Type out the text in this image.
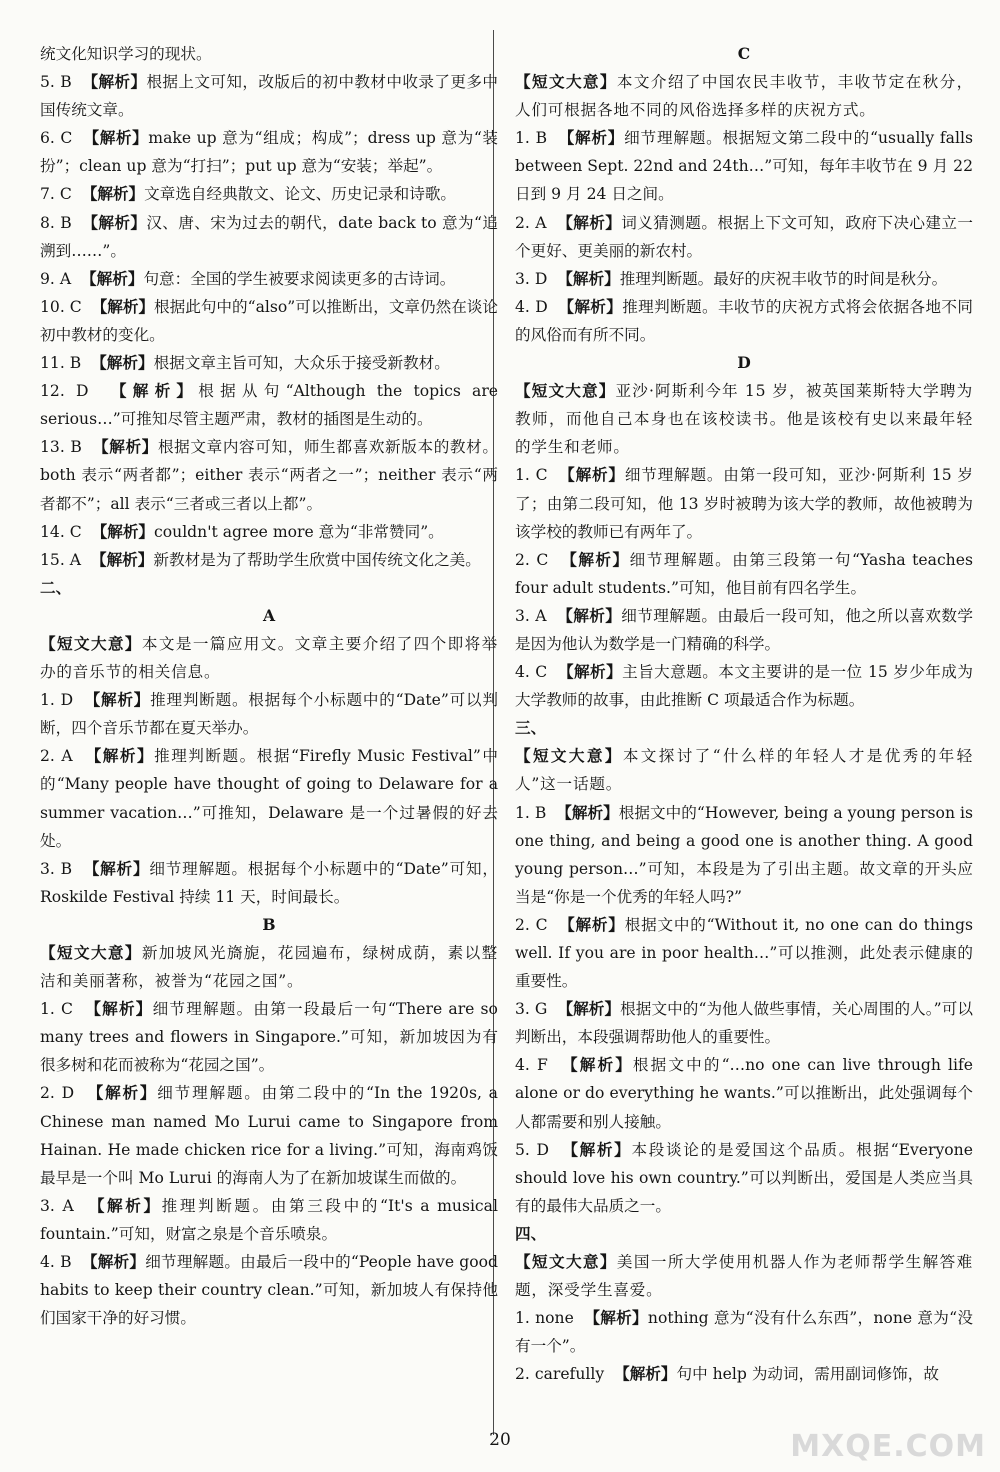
统文化知识学习的现状。

5. B 【 解析 】 根据上文可知，改版后的初中教材中收录了更多中国传统文章。

6. C 【 解析 】 make up 意为“组成；构成”；dress up 意为“装扮”；clean up 意为“打扫”；put up 意为“安装；举起”。

7. C 【 解析 】 文章选自经典散文、论文、历史记录和诗歌。

8. B 【 解析 】 汉、唐、宋为过去的朝代，date back to 意为“追溯到……”。

9. A 【 解析 】 句意：全国的学生被要求阅读更多的古诗词。

10. C 【 解析 】 根据此句中的“also”可以推断出，文章仍然在谈论初中教材的变化。

11. B 【 解析 】 根据文章主旨可知，大众乐于接受新教材。

12. D	【 解析 】 根据从句“Although the topics are serious…”可推知尽管主题严肃，教材的插图是生动的。

13. B 【 解析 】 根据文章内容可知，师生都喜欢新版本的教材。both 表示“两者都”；either 表示“两者之一”；neither 表示“两者都不”；all 表示“三者或三者以上都”。

14. C 【 解析 】 couldn't agree more 意为“非常赞同”。

15. A 【 解析 】 新教材是为了帮助学生欣赏中国传统文化之美。

二、

A

【 短文大意 】 本文是一篇应用文。文章主要介绍了四个即将举办的音乐节的相关信息。

1. D 【 解析 】 推理判断题。根据每个小标题中的“Date”可以判断，四个音乐节都在夏天举办。

2. A 【 解析 】 推理判断题。根据“Firefly Music Festival”中的“Many people have thought of going to Delaware for a summer vacation…”可推知，Delaware 是一个过暑假的好去处。

3. B 【 解析 】 细节理解题。根据每个小标题中的“Date”可知，Roskilde Festival 持续 11 天，时间最长。

B

【 短文大意 】 新加坡风光旖旎，花园遍布，绿树成荫，素以整洁和美丽著称，被誉为“花园之国”。

1. C 【 解析 】 细节理解题。由第一段最后一句“There are so many trees and flowers in Singapore.”可知，新加坡因为有很多树和花而被称为“花园之国”。

2. D 【 解析 】 细节理解题。由第二段中的“In the 1920s, a Chinese man named Mo Lurui came to Singapore from Hainan. He made chicken rice for a living.”可知，海南鸡饭最早是一个叫 Mo Lurui 的海南人为了在新加坡谋生而做的。

3. A 【 解析 】 推理判断题。由第三段中的“It's a musical fountain.”可知，财富之泉是个音乐喷泉。

4. B 【 解析 】 细节理解题。由最后一段中的“People have good habits to keep their country clean.”可知，新加坡人有保持他们国家干净的好习惯。

C

【 短文大意 】 本文介绍了中国农民丰收节，丰收节定在秋分，人们可根据各地不同的风俗选择多样的庆祝方式。

1. B 【 解析 】 细节理解题。根据短文第二段中的“usually falls between Sept. 22nd and 24th…”可知，每年丰收节在 9 月 22 日到 9 月 24 日之间。

2. A 【 解析 】 词义猜测题。根据上下文可知，政府下决心建立一个更好、更美丽的新农村。

3. D 【 解析 】 推理判断题。最好的庆祝丰收节的时间是秋分。

4. D 【 解析 】 推理判断题。丰收节的庆祝方式将会依据各地不同的风俗而有所不同。

D

【 短文大意 】 亚沙·阿斯利今年 15 岁，被英国莱斯特大学聘为教师，而他自己本身也在该校读书。他是该校有史以来最年轻的学生和老师。

1. C 【 解析 】 细节理解题。由第一段可知，亚沙·阿斯利 15 岁了；由第二段可知，他 13 岁时被聘为该大学的教师，故他被聘为该学校的教师已有两年了。

2. C 【 解析 】 细节理解题。由第三段第一句“Yasha teaches four adult students.”可知，他目前有四名学生。

3. A 【 解析 】 细节理解题。由最后一段可知，他之所以喜欢数学是因为他认为数学是一门精确的科学。

4. C 【 解析 】 主旨大意题。本文主要讲的是一位 15 岁少年成为大学教师的故事，由此推断 C 项最适合作为标题。

三、

【 短文大意 】 本文探讨了“什么样的年轻人才是优秀的年轻人”这一话题。

1. B 【 解析 】 根据文中的“However, being a young person is one thing, and being a good one is another thing. A good young person…”可知，本段是为了引出主题。故文章的开头应当是“你是一个优秀的年轻人吗?”

2. C 【 解析 】 根据文中的“Without it, no one can do things well. If you are in poor health…”可以推测，此处表示健康的重要性。

3. G 【 解析 】 根据文中的“为他人做些事情，关心周围的人。”可以判断出，本段强调帮助他人的重要性。

4. F 【 解析 】 根据文中的“…no one can live through life alone or do everything he wants.”可以推断出，此处强调每个人都需要和别人接触。

5. D 【 解析 】 本段谈论的是爱国这个品质。根据“Everyone should love his own country.”可以判断出，爱国是人类应当具有的最伟大品质之一。

四、

【 短文大意 】 美国一所大学使用机器人作为老师帮学生解答难题，深受学生喜爱。

1. none 【 解析 】 nothing 意为“没有什么东西”，none 意为“没有一个”。

2. carefully 【 解析 】 句中 help 为动词，需用副词修饰，故

20	MXQE.COM
